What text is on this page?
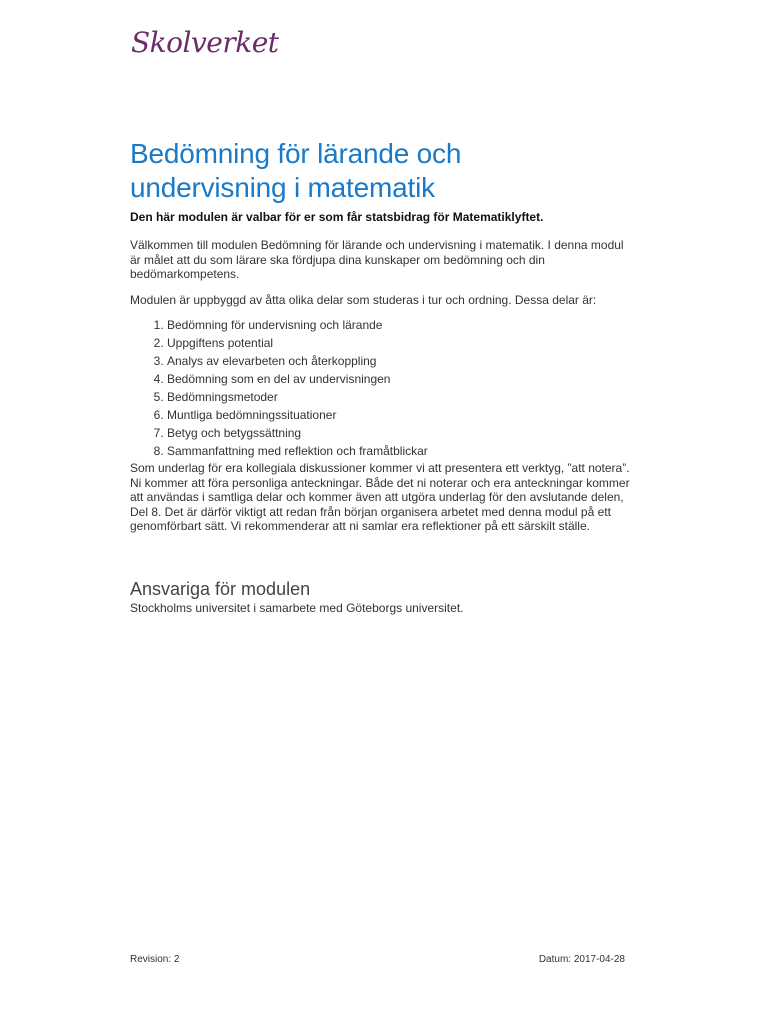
Skolverket
Bedömning för lärande och
undervisning i matematik

Den här modulen är valbar för er som får statsbidrag för Matematiklyftet.

Välkommen till modulen Bedömning för lärande och undervisning i matematik. I denna modul är målet att du som lärare ska fördjupa dina kunskaper om bedömning och din bedömarkompetens.

Modulen är uppbyggd av åtta olika delar som studeras i tur och ordning. Dessa delar är:

1. Bedömning för undervisning och lärande
2. Uppgiftens potential
3. Analys av elevarbeten och återkoppling
4. Bedömning som en del av undervisningen
5. Bedömningsmetoder
6. Muntliga bedömningssituationer
7. Betyg och betygssättning
8. Sammanfattning med reflektion och framåtblickar

Som underlag för era kollegiala diskussioner kommer vi att presentera ett verktyg, ”att notera”. Ni kommer att föra personliga anteckningar. Både det ni noterar och era anteckningar kommer att användas i samtliga delar och kommer även att utgöra underlag för den avslutande delen, Del 8. Det är därför viktigt att redan från början organisera arbetet med denna modul på ett genomförbart sätt. Vi rekommenderar att ni samlar era reflektioner på ett särskilt ställe.

Ansvariga för modulen

Stockholms universitet i samarbete med Göteborgs universitet.

Revision: 2	Datum: 2017-04-28
